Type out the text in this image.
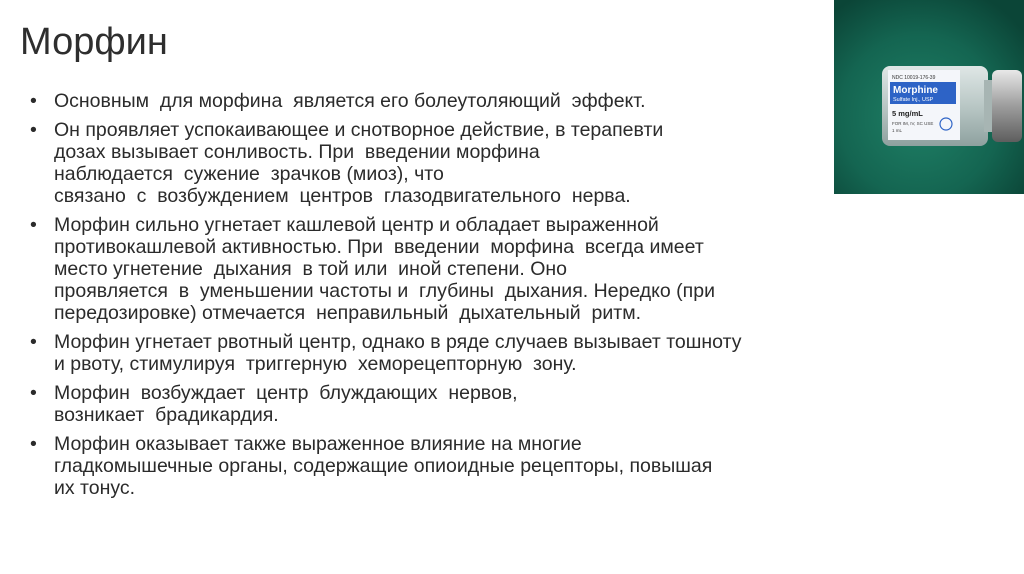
Морфин
• Основным  для морфина  является его болеутоляющий  эффект.
• Он проявляет успокаивающее и снотворное действие, в терапевти
дозах вызывает сонливость. При  введении морфина
наблюдается  сужение  зрачков (миоз), что
связано  с  возбуждением  центров  глазодвигательного  нерва.
• Морфин сильно угнетает кашлевой центр и обладает выраженной
противокашлевой активностью. При  введении  морфина  всегда имеет
место угнетение  дыхания  в той или  иной степени. Оно
проявляется  в  уменьшении частоты и  глубины  дыхания. Нередко (при
передозировке) отмечается  неправильный  дыхательный  ритм.
• Морфин угнетает рвотный центр, однако в ряде случаев вызывает тошноту
и рвоту, стимулируя  триггерную  хеморецепторную  зону.
• Морфин  возбуждает  центр  блуждающих  нервов,
возникает  брадикардия.
• Морфин оказывает также выраженное влияние на многие
гладкомышечные органы, содержащие опиоидные рецепторы, повышая
их тонус.
NDC 10019-176-39
Morphine
Sulfate Inj., USP
5 mg/mL
FOR IM, IV, SC USE
1 mL
